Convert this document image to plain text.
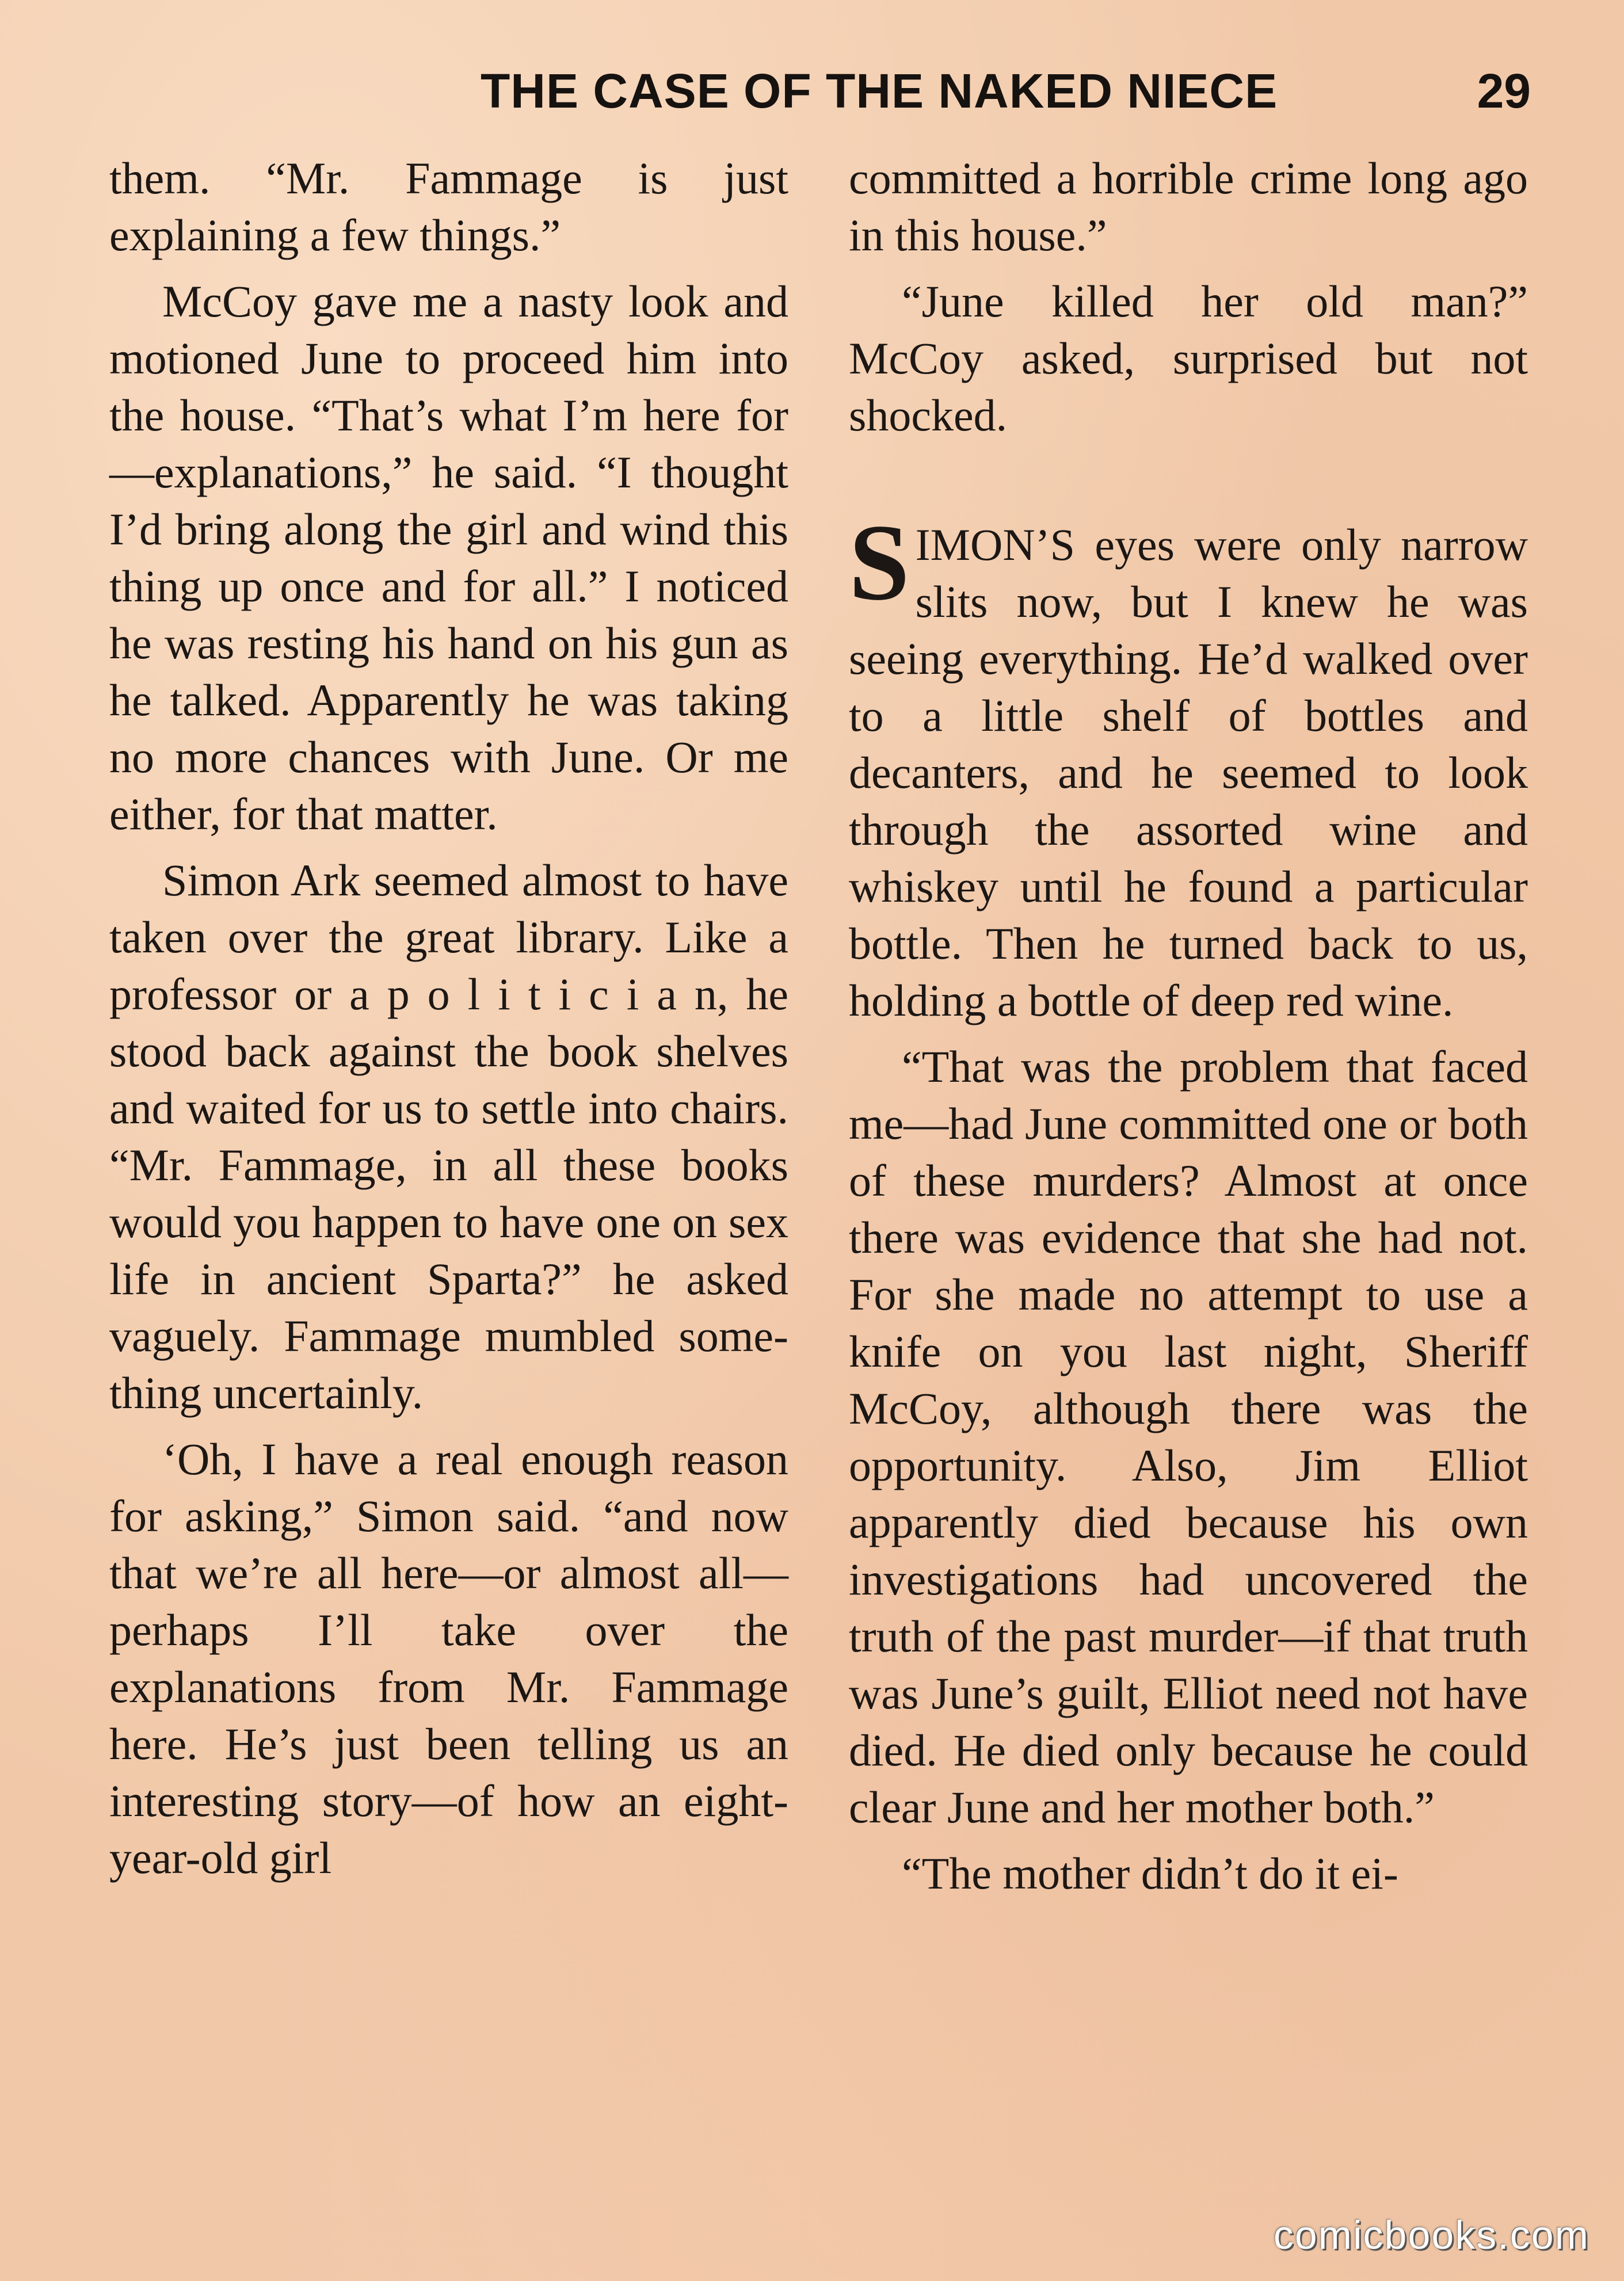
THE CASE OF THE NAKED NIECE	29

them. “Mr. Fammage is just explaining a few things.”

McCoy gave me a nasty look and motioned June to proceed him into the house. “That’s what I’m here for—explanations,” he said. “I thought I’d bring along the girl and wind this thing up once and for all.” I noticed he was resting his hand on his gun as he talked. Apparently he was taking no more chances with June. Or me either, for that matter.

Simon Ark seemed almost to have taken over the great library. Like a professor or a p o l i t i c i a n, he stood back against the book shelves and waited for us to settle into chairs. “Mr. Fammage, in all these books would you happen to have one on sex life in ancient Sparta?” he asked vaguely. Fammage mumbled something uncertainly.

‘Oh, I have a real enough reason for asking,” Simon said. “and now that we’re all here—or almost all—perhaps I’ll take over the explanations from Mr. Fammage here. He’s just been telling us an interesting story—of how an eight-year-old girl

committed a horrible crime long ago in this house.”

“June killed her old man?” McCoy asked, surprised but not shocked.

SIMON’S eyes were only narrow slits now, but I knew he was seeing everything. He’d walked over to a little shelf of bottles and decanters, and he seemed to look through the assorted wine and whiskey until he found a particular bottle. Then he turned back to us, holding a bottle of deep red wine.

“That was the problem that faced me—had June committed one or both of these murders? Almost at once there was evidence that she had not. For she made no attempt to use a knife on you last night, Sheriff McCoy, although there was the opportunity. Also, Jim Elliot apparently died because his own investigations had uncovered the truth of the past murder—if that truth was June’s guilt, Elliot need not have died. He died only because he could clear June and her mother both.”

“The mother didn’t do it ei-

comicbooks.com
